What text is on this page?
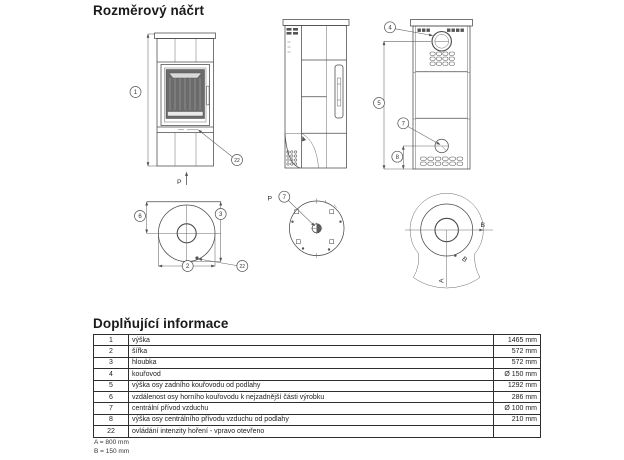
Rozměrový náčrt
1
22
P
5
4
7
8
6	3
2	22
P 7
B
B
A
Doplňující informace
1	výška	1465 mm
2	šířka	572 mm
3	hloubka	572 mm
4	kouřovod	Ø 150 mm
5	výška osy zadního kouřovodu od podlahy	1292 mm
6	vzdálenost osy horního kouřovodu k nejzadnější části výrobku	286 mm
7	centrální přívod vzduchu	Ø 100 mm
8	výška osy centrálního přívodu vzduchu od podlahy	210 mm
22	ovládání intenzity hoření - vpravo otevřeno	
A = 800 mm
B = 150 mm
